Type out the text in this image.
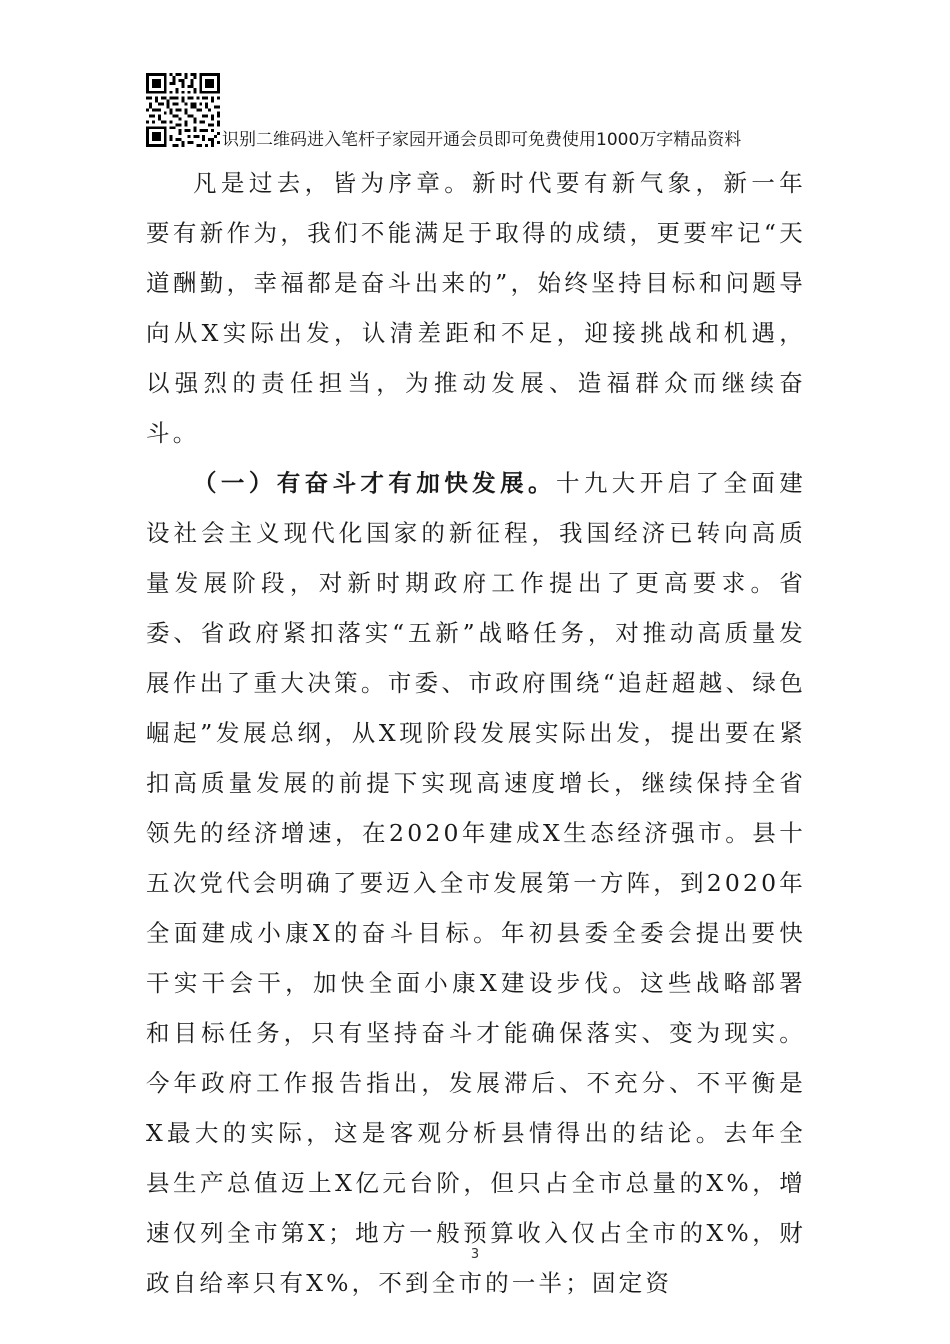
识别二维码进入笔杆子家园开通会员即可免费使用1000万字精品资料

凡是过去，皆为序章。新时代要有新气象，新一年要有新作为，我们不能满足于取得的成绩，更要牢记“天道酬勤，幸福都是奋斗出来的”，始终坚持目标和问题导向从X实际出发，认清差距和不足，迎接挑战和机遇，以强烈的责任担当，为推动发展、造福群众而继续奋斗。

（一）有奋斗才有加快发展。十九大开启了全面建设社会主义现代化国家的新征程，我国经济已转向高质量发展阶段，对新时期政府工作提出了更高要求。省委、省政府紧扣落实“五新”战略任务，对推动高质量发展作出了重大决策。市委、市政府围绕“追赶超越、绿色崛起”发展总纲，从X现阶段发展实际出发，提出要在紧扣高质量发展的前提下实现高速度增长，继续保持全省领先的经济增速，在2020年建成X生态经济强市。县十五次党代会明确了要迈入全市发展第一方阵，到2020年全面建成小康X的奋斗目标。年初县委全委会提出要快干实干会干，加快全面小康X建设步伐。这些战略部署和目标任务，只有坚持奋斗才能确保落实、变为现实。今年政府工作报告指出，发展滞后、不充分、不平衡是X最大的实际，这是客观分析县情得出的结论。去年全县生产总值迈上X亿元台阶，但只占全市总量的X%，增速仅列全市第X；地方一般预算收入仅占全市的X%，财政自给率只有X%，不到全市的一半；固定资

3
